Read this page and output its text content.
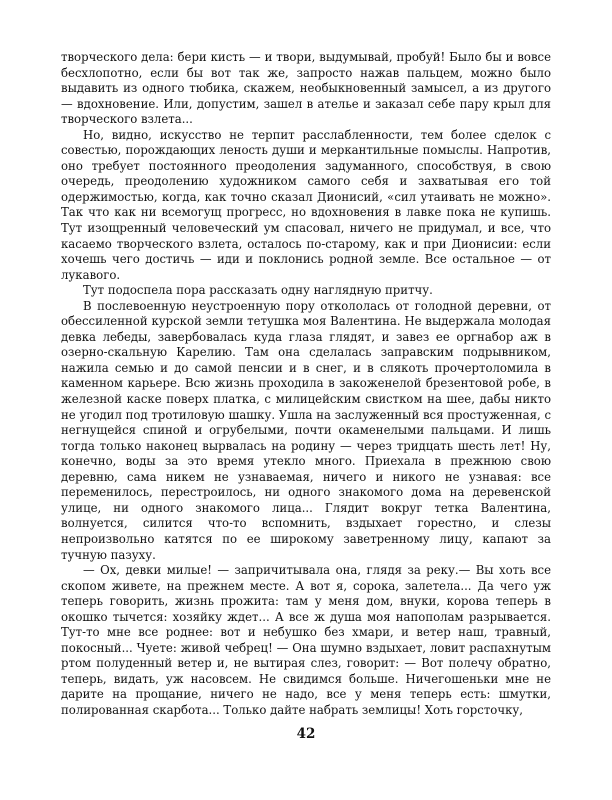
творческого дела: бери кисть — и твори, выдумывай, пробуй! Было бы и вовсе бесхлопотно, если бы вот так же, запросто нажав пальцем, можно было выдавить из одного тюбика, скажем, необыкновенный замысел, а из другого — вдохновение. Или, допустим, зашел в ателье и заказал себе пару крыл для творческого взлета...

Но, видно, искусство не терпит расслабленности, тем более сделок с совестью, порождающих леность души и меркантильные помыслы. Напротив, оно требует постоянного преодоления задуманного, способствуя, в свою очередь, преодолению художником самого себя и захватывая его той одержимостью, когда, как точно сказал Дионисий, «сил утаивать не можно». Так что как ни всемогущ прогресс, но вдохновения в лавке пока не купишь. Тут изощренный человеческий ум спасовал, ничего не придумал, и все, что касаемо творческого взлета, осталось по-старому, как и при Дионисии: если хочешь чего достичь — иди и поклонись родной земле. Все остальное — от лукавого.

Тут подоспела пора рассказать одну наглядную притчу.

В послевоенную неустроенную пору откололась от голодной деревни, от обессиленной курской земли тетушка моя Валентина. Не выдержала молодая девка лебеды, завербовалась куда глаза глядят, и завез ее оргнабор аж в озерно-скальную Карелию. Там она сделалась заправским подрывником, нажила семью и до самой пенсии и в снег, и в слякоть прочертоломила в каменном карьере. Всю жизнь проходила в закоженелой брезентовой робе, в железной каске поверх платка, с милицейским свистком на шее, дабы никто не угодил под тротиловую шашку. Ушла на заслуженный вся простуженная, с негнущейся спиной и огрубелыми, почти окаменелыми пальцами. И лишь тогда только наконец вырвалась на родину — через тридцать шесть лет! Ну, конечно, воды за это время утекло много. Приехала в прежнюю свою деревню, сама никем не узнаваемая, ничего и никого не узнавая: все переменилось, перестроилось, ни одного знакомого дома на деревенской улице, ни одного знакомого лица... Глядит вокруг тетка Валентина, волнуется, силится что-то вспомнить, вздыхает горестно, и слезы непроизвольно катятся по ее широкому заветренному лицу, капают за тучную пазуху.

— Ох, девки милые! — запричитывала она, глядя за реку.— Вы хоть все скопом живете, на прежнем месте. А вот я, сорока, залетела... Да чего уж теперь говорить, жизнь прожита: там у меня дом, внуки, корова теперь в окошко тычется: хозяйку ждет... А все ж душа моя напополам разрывается. Тут-то мне все роднее: вот и небушко без хмари, и ветер наш, травный, покосный... Чуете: живой чебрец! — Она шумно вздыхает, ловит распахнутым ртом полуденный ветер и, не вытирая слез, говорит: — Вот полечу обратно, теперь, видать, уж насовсем. Не свидимся больше. Ничегошеньки мне не дарите на прощание, ничего не надо, все у меня теперь есть: шмутки, полированная скарбота... Только дайте набрать землицы! Хоть горсточку,

42
